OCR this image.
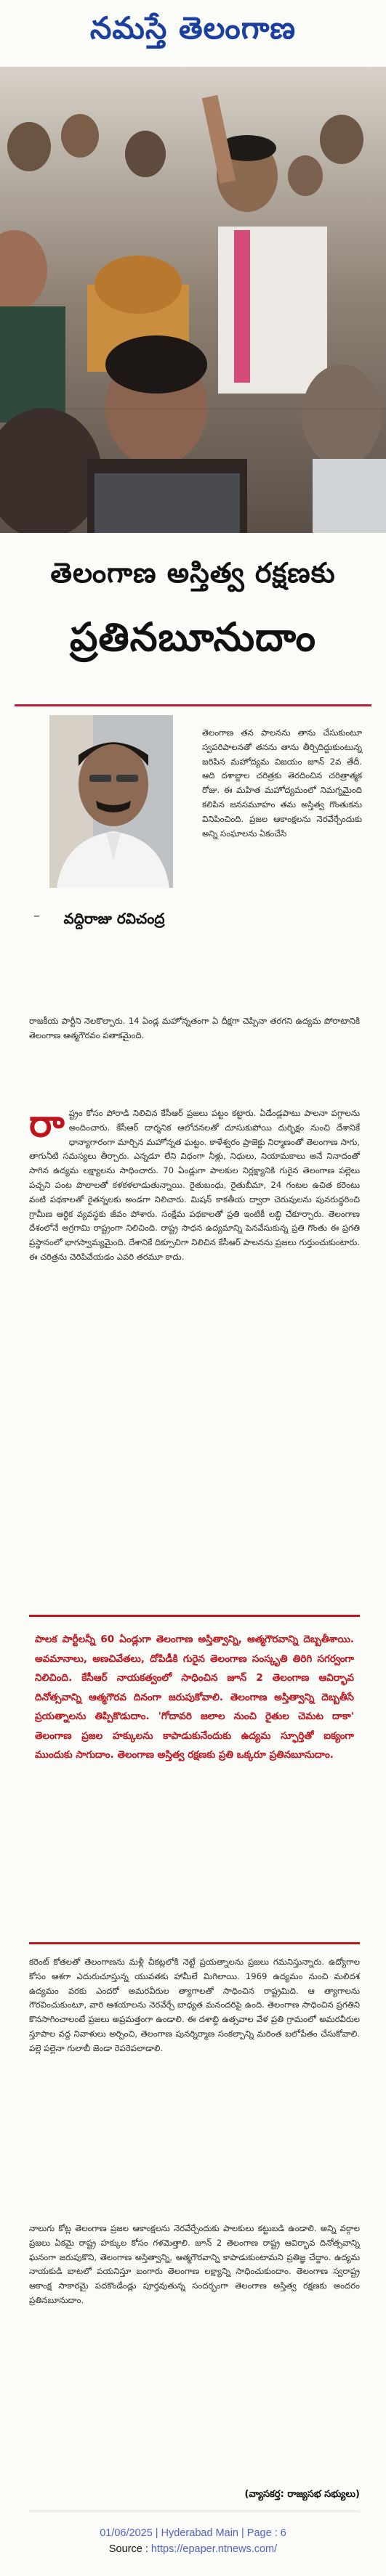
నమస్తే తెలంగాణ
తెలంగాణ అస్తిత్వ రక్షణకు
ప్రతినబూనుదాం
–	వద్దిరాజు రవిచంద్ర

తెలంగాణ తన పాలనను తాను చేసుకుంటూ స్వపరిపాలనతో తనను తాను తీర్చిదిద్దుకుంటున్న జరిపిన మహోద్యమ విజయం జూన్ 2వ తేదీ. ఆది దశాబ్దాల చరిత్రకు తెరదించిన చరిత్రాత్మక రోజు. ఈ మహిత మహోద్యమంలో నిమగ్నమైంది కలిపిన జనసమూహం తమ అస్తిత్వ గొంతుకను వినిపించింది. ప్రజల ఆకాంక్షలను నెరవేర్చేందుకు అన్ని సంఘాలను ఏకంచేసి

రాజకీయ పార్టీని నెలకొల్పారు. 14 ఏండ్ల మహోన్నతంగా ఏ దీక్షగా చెప్పినా తరగని ఉద్యమ పోరాటానికి తెలంగాణ ఆత్మగౌరవం పతాకమైంది.

రా ష్ట్రం కోసం పోరాడి నిలిచిన కేసీఆర్ ప్రజలు పట్టం కట్టారు. ఏడేండ్లపాటు పాలనా పగ్గాలను అందించారు. కేసీఆర్ దార్శనిక ఆలోచనలతో దూసుకుపోయి దుర్భిక్షం నుంచి దేశానికే ధాన్యాగారంగా మార్చిన మహోన్నత ఘట్టం. కాళేశ్వరం ప్రాజెక్టు నిర్మాణంతో తెలంగాణ సాగు, తాగునీటి సమస్యలు తీర్చారు. ఎన్నడూ లేని విధంగా నీళ్లు, నిధులు, నియామకాలు అనే నినాదంతో సాగిన ఉద్యమ లక్ష్యాలను సాధించారు. 70 ఏండ్లుగా పాలకుల నిర్లక్ష్యానికి గురైన తెలంగాణ పల్లెలు పచ్చని పంట పొలాలతో కళకళలాడుతున్నాయి. రైతుబంధు, రైతుబీమా, 24 గంటల ఉచిత కరెంటు వంటి పథకాలతో రైతన్నలకు అండగా నిలిచారు. మిషన్ కాకతీయ ద్వారా చెరువులను పునరుద్ధరించి గ్రామీణ ఆర్థిక వ్యవస్థకు జీవం పోశారు. సంక్షేమ పథకాలతో ప్రతి ఇంటికీ లబ్ధి చేకూర్చారు. తెలంగాణ దేశంలోనే అగ్రగామి రాష్ట్రంగా నిలిచింది. రాష్ట్ర సాధన ఉద్యమాన్ని పెనవేసుకున్న ప్రతి గొంతు ఈ ప్రగతి ప్రస్థానంలో భాగస్వామ్యమైంది. దేశానికే దిక్సూచిగా నిలిచిన కేసీఆర్ పాలనను ప్రజలు గుర్తుంచుకుంటారు. ఈ చరిత్రను చెరిపివేయడం ఎవరి తరమూ కాదు.

పాలక పార్టీలన్నీ 60 ఏండ్లుగా తెలంగాణ అస్తిత్వాన్ని, ఆత్మగౌరవాన్ని దెబ్బతీశాయి. అవమానాలు, అణచివేతలు, దోపిడీకి గురైన తెలంగాణ సంస్కృతి తిరిగి సగర్వంగా నిలిచింది. కేసీఆర్ నాయకత్వంలో సాధించిన జూన్ 2 తెలంగాణ ఆవిర్భావ దినోత్సవాన్ని ఆత్మగౌరవ దినంగా జరుపుకోవాలి. తెలంగాణ అస్తిత్వాన్ని దెబ్బతీసే ప్రయత్నాలను తిప్పికొడుదాం. 'గోదావరి జలాల నుంచి రైతుల చెమట దాకా' తెలంగాణ ప్రజల హక్కులను కాపాడుకునేందుకు ఉద్యమ స్ఫూర్తితో ఐక్యంగా ముందుకు సాగుదాం. తెలంగాణ అస్తిత్వ రక్షణకు ప్రతి ఒక్కరూ ప్రతినబూనుదాం.

కరెంట్ కోతలతో తెలంగాణను మళ్లీ చీకట్లలోకి నెట్టే ప్రయత్నాలను ప్రజలు గమనిస్తున్నారు. ఉద్యోగాల కోసం ఆశగా ఎదురుచూస్తున్న యువతకు హామీలే మిగిలాయి. 1969 ఉద్యమం నుంచి మలిదశ ఉద్యమం వరకు ఎందరో అమరవీరుల త్యాగాలతో సాధించిన రాష్ట్రమిది. ఆ త్యాగాలను గౌరవించుకుంటూ, వారి ఆశయాలను నెరవేర్చే బాధ్యత మనందరిపై ఉంది. తెలంగాణ సాధించిన ప్రగతిని కొనసాగించాలంటే ప్రజలు అప్రమత్తంగా ఉండాలి. ఈ దశాబ్ది ఉత్సవాల వేళ ప్రతి గ్రామంలో అమరవీరుల స్తూపాల వద్ద నివాళులు అర్పించి, తెలంగాణ పునర్నిర్మాణ సంకల్పాన్ని మరింత బలోపేతం చేసుకోవాలి. పల్లె పల్లెనా గులాబీ జెండా రెపరెపలాడాలి.

నాలుగు కోట్ల తెలంగాణ ప్రజల ఆకాంక్షలను నెరవేర్చేందుకు పాలకులు కట్టుబడి ఉండాలి. అన్ని వర్గాల ప్రజలు ఏకమై రాష్ట్ర హక్కుల కోసం గళమెత్తాలి. జూన్ 2 తెలంగాణ రాష్ట్ర ఆవిర్భావ దినోత్సవాన్ని ఘనంగా జరుపుకొని, తెలంగాణ అస్తిత్వాన్ని, ఆత్మగౌరవాన్ని కాపాడుకుంటామని ప్రతిజ్ఞ చేద్దాం. ఉద్యమ నాయకుడి బాటలో పయనిస్తూ బంగారు తెలంగాణ లక్ష్యాన్ని సాధించుకుందాం. తెలంగాణ స్వరాష్ట్ర ఆకాంక్ష సాకారమై పదకొండేండ్లు పూర్తవుతున్న సందర్భంగా తెలంగాణ అస్తిత్వ రక్షణకు అందరం ప్రతినబూనుదాం.

(వ్యాసకర్త: రాజ్యసభ సభ్యులు)
01/06/2025 | Hyderabad Main | Page : 6
Source : https://epaper.ntnews.com/
